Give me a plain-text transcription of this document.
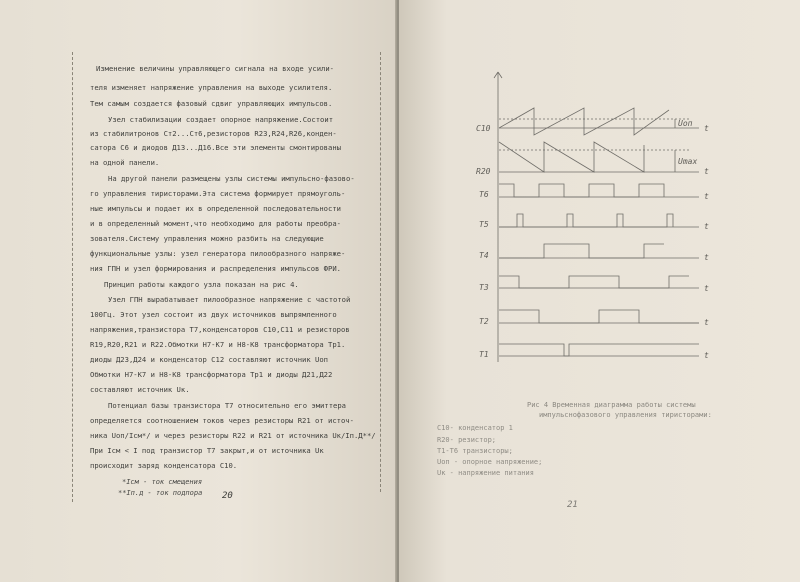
Изменение величины управляющего сигнала на входе усили-
теля изменяет напряжение управления на выходе усилителя.
Тем самым создается фазовый сдвиг управляющих импульсов.
Узел стабилизации создает опорное напряжение.Состоит
из стабилитронов Ст2...Ст6,резисторов R23,R24,R26,конден-
сатора С6 и диодов Д13...Д16.Все эти элементы смонтированы
на одной панели.
На другой панели размещены узлы системы импульсно-фазово-
го управления тиристорами.Эта система формирует прямоуголь-
ные импульсы и подает их в определенной последовательности
и в определенный момент,что необходимо для работы преобра-
зователя.Систему управления можно разбить на следующие
функциональные узлы: узел генератора пилообразного напряже-
ния ГПН и узел формирования и распределения импульсов ФРИ.
Принцип работы каждого узла показан на рис 4.
Узел ГПН вырабатывает пилообразное напряжение с частотой
100Гц. Этот узел состоит из двух источников выпрямленного
напряжения,транзистора Т7,конденсаторов С10,С11 и резисторов
R19,R20,R21 и R22.Обмотки Н7-К7 и Н8-К8 трансформатора Тр1.
диоды Д23,Д24 и конденсатор С12 составляют источник Uоп
Обмотки Н7-К7 и Н8-К8 трансформатора Тр1 и диоды Д21,Д22
составляют источник Uк.
Потенциал базы транзистора Т7 относительно его эмиттера
определяется соотношением токов через резисторы R21 от источ-
ника Uоп/Iсм*/ и через резисторы R22 и R21 от источника Uк/Iп.Д**/
При Iсм < I под транзистор Т7 закрыт,и от источника Uк
происходит заряд конденсатора С10.
*Iсм - ток смещения
**Iп.д - ток подпора 20
С10
R20
Т6
Т5
Т4
Т3
Т2
Т1
Uоп
Umax
t
t
t
t
t
t
t
t
Рис 4 Временная диаграмма работы системы
импульснофазового управления тиристорами:
С10- конденсатор 1
R20- резистор;
Т1-Т6 транзисторы;
Uоп - опорное напряжение;
Uк - напряжение питания
21
